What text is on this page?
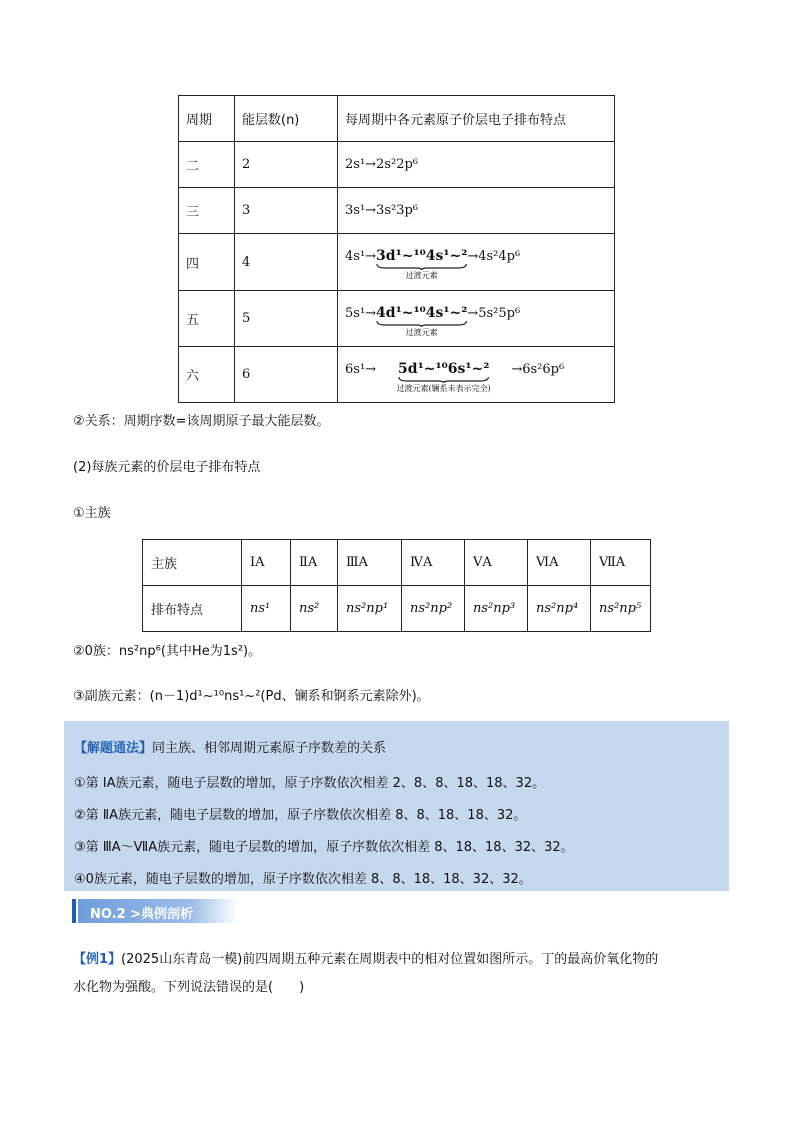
周期	能层数(n)	每周期中各元素原子价层电子排布特点
二	2	2s¹→2s²2p⁶
三	3	3s¹→3s²3p⁶
四	4	4s¹→3d¹~¹⁰4s¹~²
过渡元素
→4s²4p⁶

五	5	5s¹→4d¹~¹⁰4s¹~²
过渡元素
→5s²5p⁶

六	6	6s¹→ 5d¹~¹⁰6s¹~²
过渡元素(镧系未表示完全)
→6s²6p⁶
②关系：周期序数=该周期原子最大能层数。
(2)每族元素的价层电子排布特点
①主族
主族	ⅠA	ⅡA	ⅢA	ⅣA	ⅤA	ⅥA	ⅦA
排布特点	ns¹	ns²	ns²np¹	ns²np²	ns²np³	ns²np⁴	ns²np⁵
②0族：ns²np⁶(其中He为1s²)。
③副族元素：(n－1)d¹~¹⁰ns¹~²(Pd、镧系和锕系元素除外)。
【解题通法】同主族、相邻周期元素原子序数差的关系
①第 ⅠA族元素，随电子层数的增加，原子序数依次相差 2、8、8、18、18、32。
②第 ⅡA族元素，随电子层数的增加，原子序数依次相差 8、8、18、18、32。
③第 ⅢA～ⅦA族元素，随电子层数的增加，原子序数依次相差 8、18、18、32、32。
④0族元素，随电子层数的增加，原子序数依次相差 8、8、18、18、32、32。
NO.2 >典例剖析
【例1】(2025山东青岛一模)前四周期五种元素在周期表中的相对位置如图所示。丁的最高价氧化物的
水化物为强酸。下列说法错误的是(　　)
